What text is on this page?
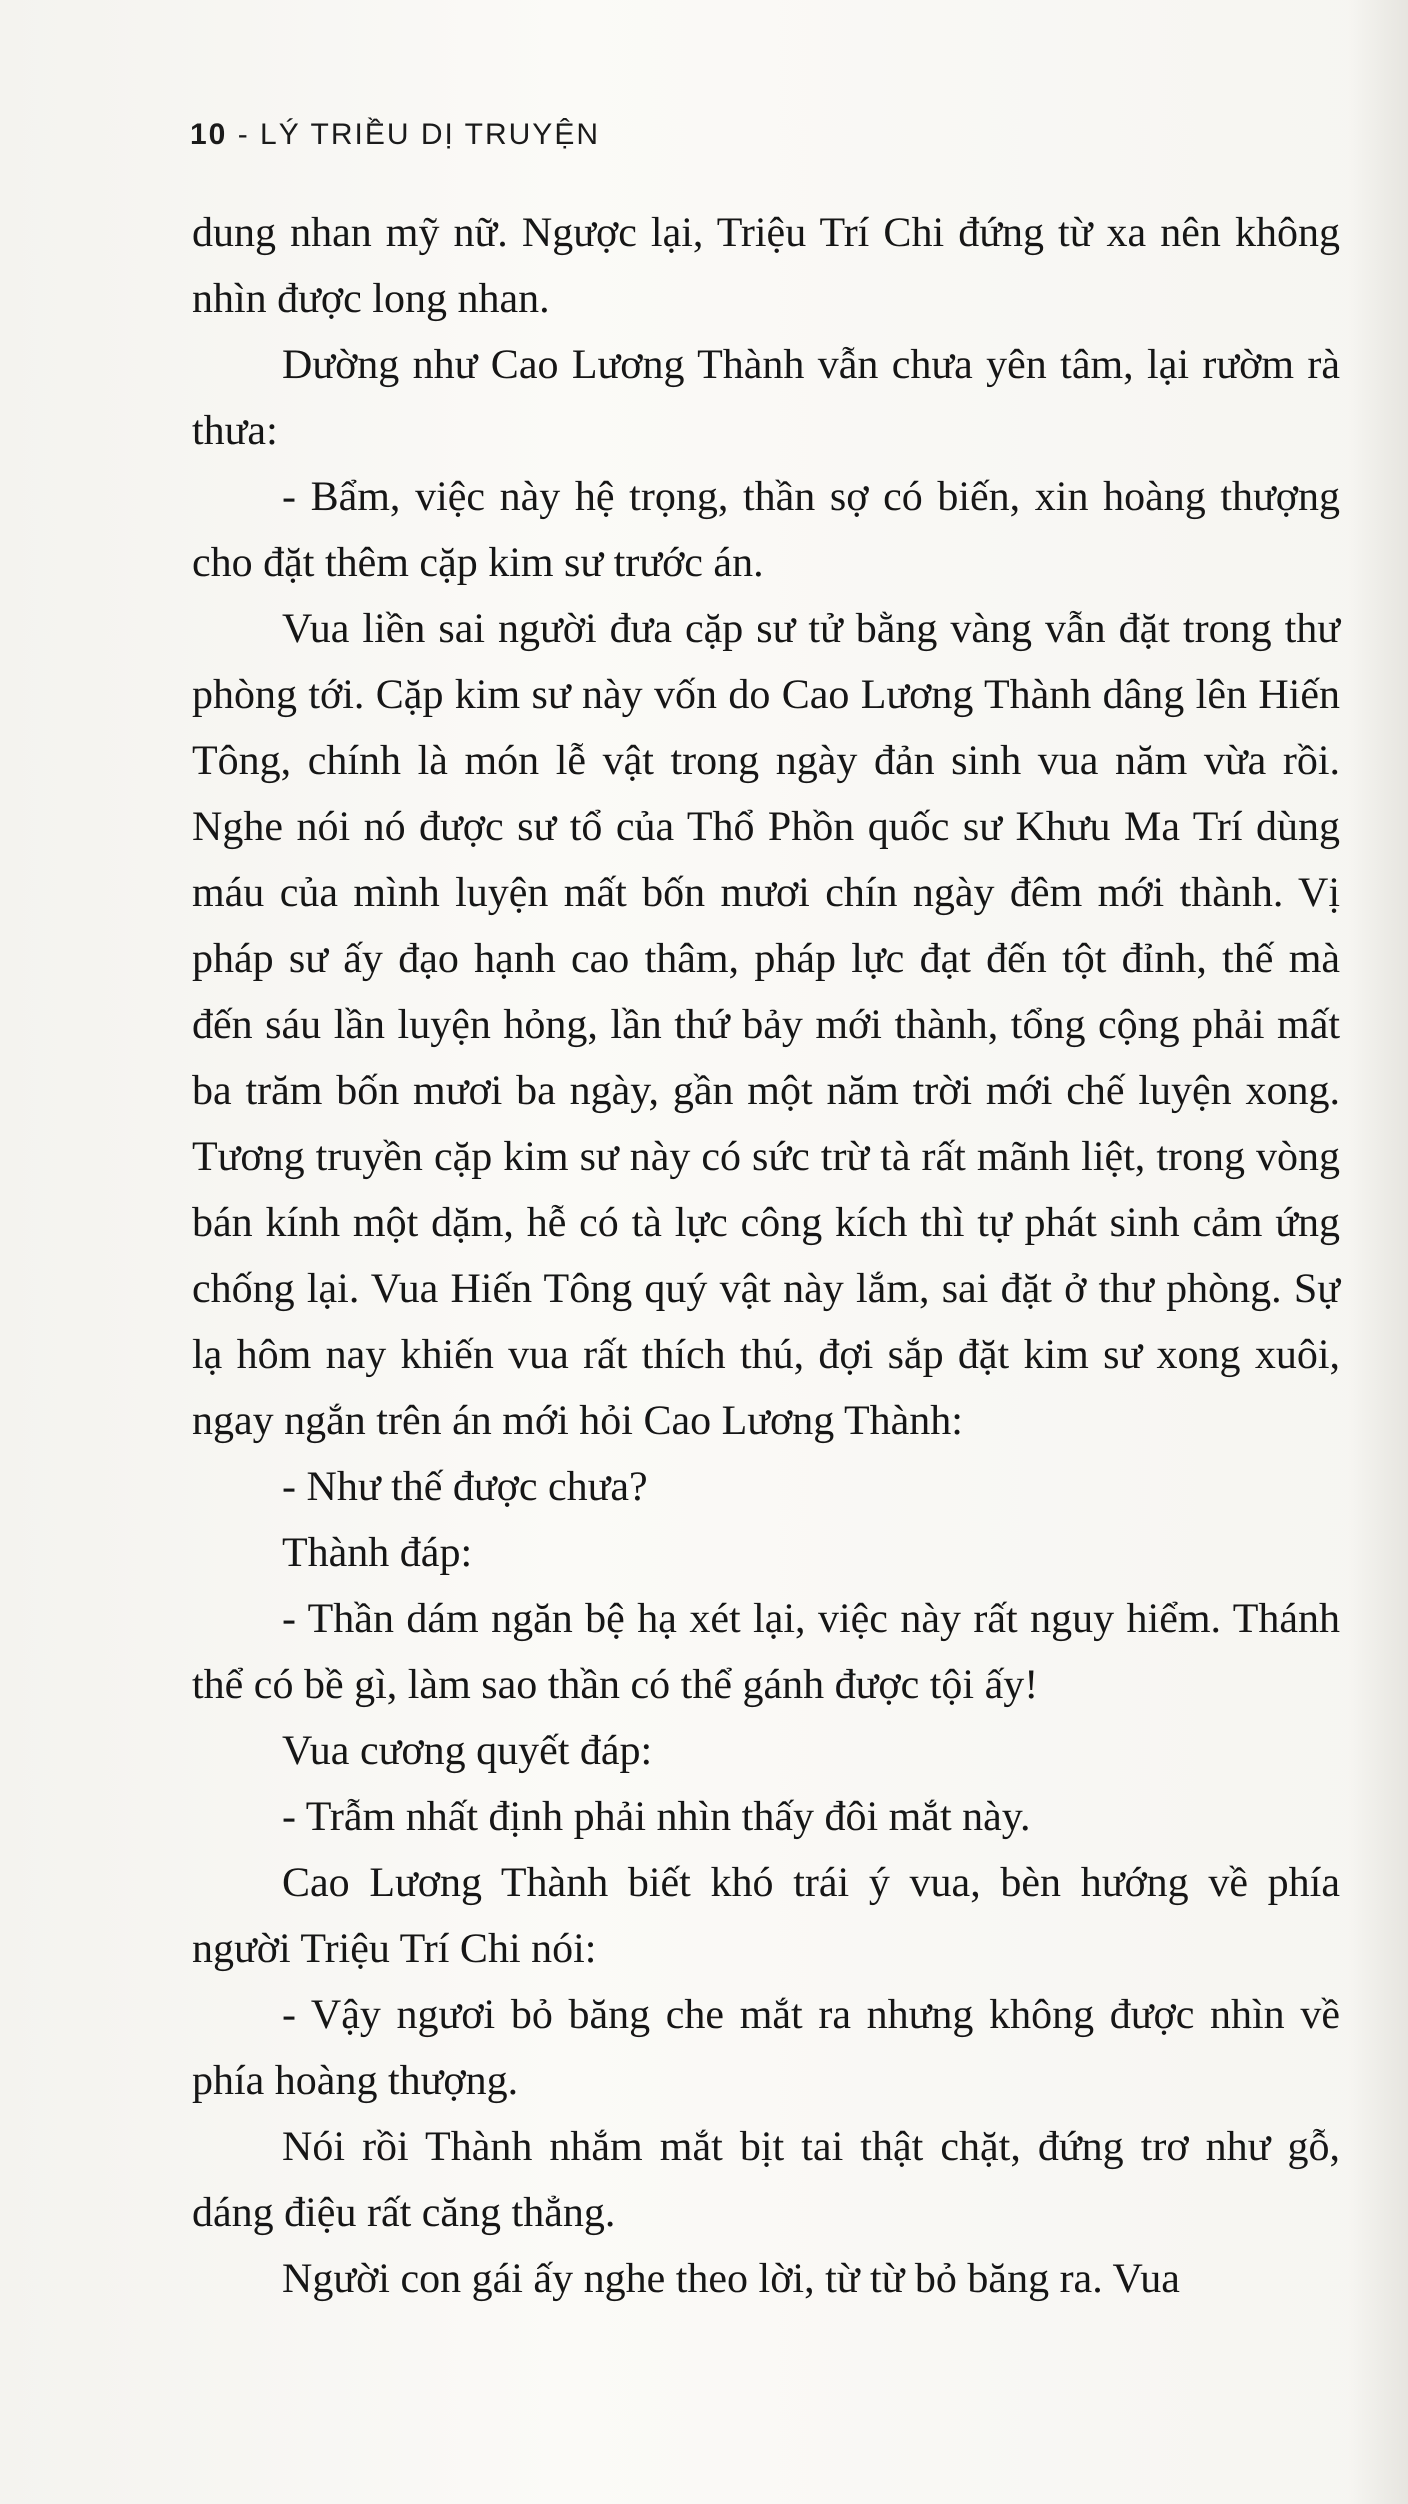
10 - LÝ TRIỀU DỊ TRUYỆN

dung nhan mỹ nữ. Ngược lại, Triệu Trí Chi đứng từ xa nên không nhìn được long nhan.

Dường như Cao Lương Thành vẫn chưa yên tâm, lại rườm rà thưa:

- Bẩm, việc này hệ trọng, thần sợ có biến, xin hoàng thượng cho đặt thêm cặp kim sư trước án.

Vua liền sai người đưa cặp sư tử bằng vàng vẫn đặt trong thư phòng tới. Cặp kim sư này vốn do Cao Lương Thành dâng lên Hiến Tông, chính là món lễ vật trong ngày đản sinh vua năm vừa rồi. Nghe nói nó được sư tổ của Thổ Phồn quốc sư Khưu Ma Trí dùng máu của mình luyện mất bốn mươi chín ngày đêm mới thành. Vị pháp sư ấy đạo hạnh cao thâm, pháp lực đạt đến tột đỉnh, thế mà đến sáu lần luyện hỏng, lần thứ bảy mới thành, tổng cộng phải mất ba trăm bốn mươi ba ngày, gần một năm trời mới chế luyện xong. Tương truyền cặp kim sư này có sức trừ tà rất mãnh liệt, trong vòng bán kính một dặm, hễ có tà lực công kích thì tự phát sinh cảm ứng chống lại. Vua Hiến Tông quý vật này lắm, sai đặt ở thư phòng. Sự lạ hôm nay khiến vua rất thích thú, đợi sắp đặt kim sư xong xuôi, ngay ngắn trên án mới hỏi Cao Lương Thành:

- Như thế được chưa?

Thành đáp:

- Thần dám ngăn bệ hạ xét lại, việc này rất nguy hiểm. Thánh thể có bề gì, làm sao thần có thể gánh được tội ấy!

Vua cương quyết đáp:

- Trẫm nhất định phải nhìn thấy đôi mắt này.

Cao Lương Thành biết khó trái ý vua, bèn hướng về phía người Triệu Trí Chi nói:

- Vậy ngươi bỏ băng che mắt ra nhưng không được nhìn về phía hoàng thượng.

Nói rồi Thành nhắm mắt bịt tai thật chặt, đứng trơ như gỗ, dáng điệu rất căng thẳng.

Người con gái ấy nghe theo lời, từ từ bỏ băng ra. Vua
